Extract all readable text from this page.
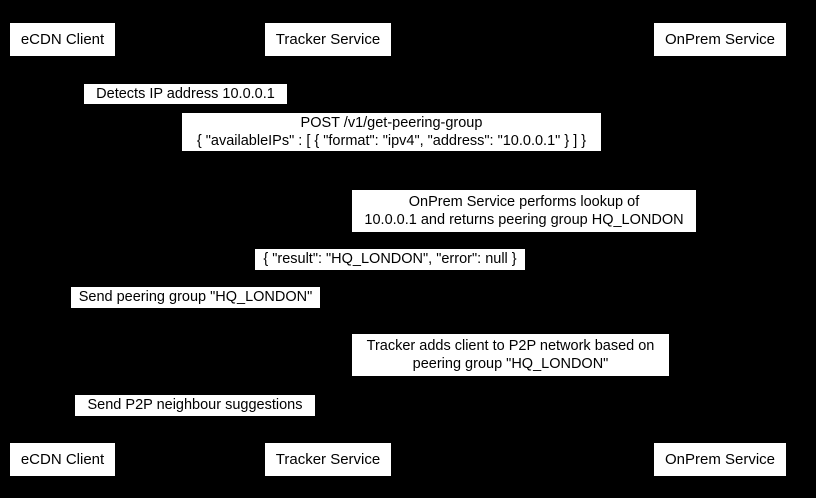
eCDN Client	Tracker Service	OnPrem Service
Detects IP address 10.0.0.1
POST /v1/get-peering-group
{ "availableIPs" : [ { "format": "ipv4", "address": "10.0.0.1" } ] }
OnPrem Service performs lookup of
10.0.0.1 and returns peering group HQ_LONDON
{ "result": "HQ_LONDON", "error": null }
Send peering group "HQ_LONDON"
Tracker adds client to P2P network based on
peering group "HQ_LONDON"
Send P2P neighbour suggestions
eCDN Client	Tracker Service	OnPrem Service
